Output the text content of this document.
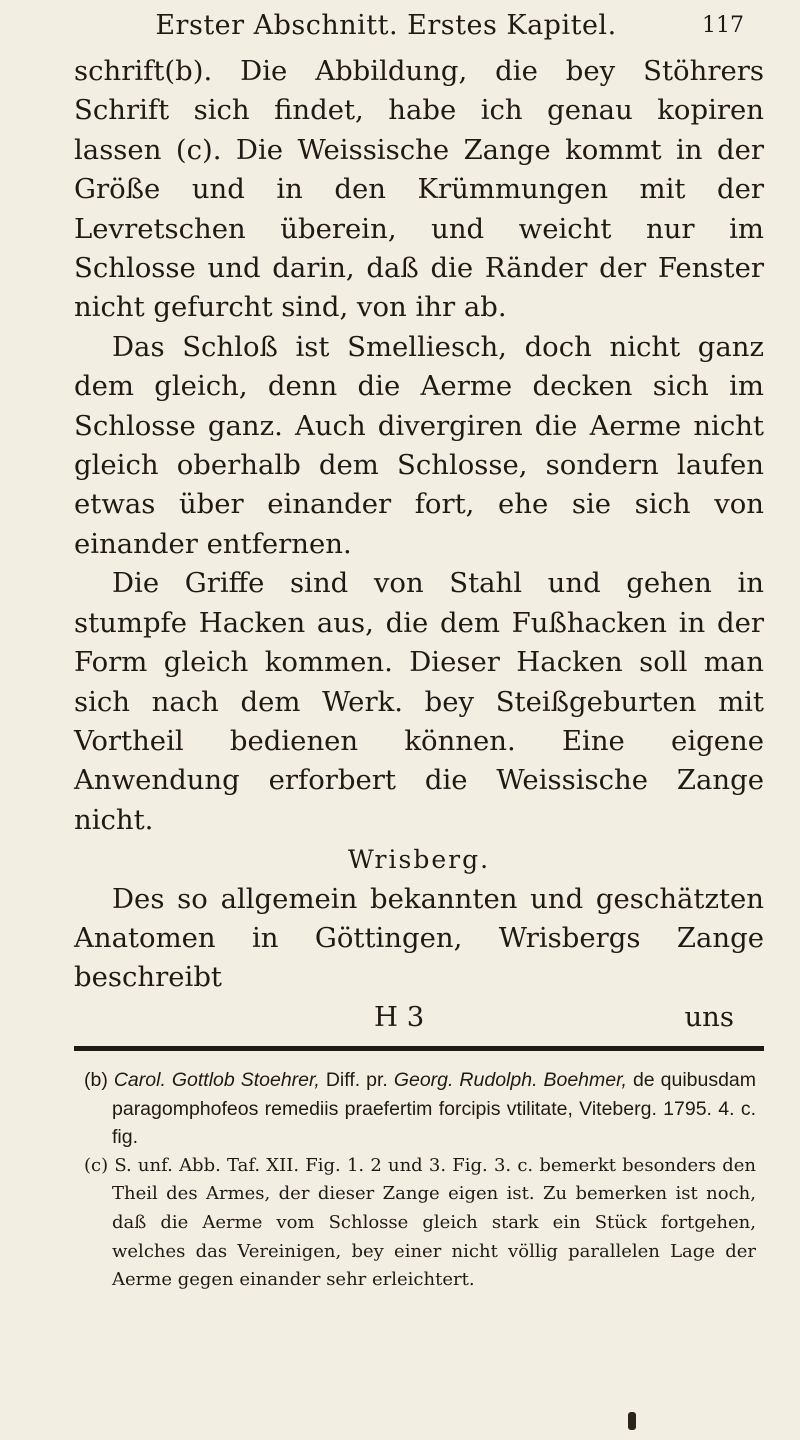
Erster Abschnitt. Erstes Kapitel.	117

schrift(b). Die Abbildung, die bey Stöhrers Schrift sich findet, habe ich genau kopiren lassen (c). Die Weissische Zange kommt in der Größe und in den Krümmungen mit der Levretschen überein, und weicht nur im Schlosse und darin, daß die Ränder der Fenster nicht gefurcht sind, von ihr ab.

Das Schloß ist Smelliesch, doch nicht ganz dem gleich, denn die Aerme decken sich im Schlosse ganz. Auch divergiren die Aerme nicht gleich oberhalb dem Schlosse, sondern laufen etwas über einander fort, ehe sie sich von einander entfernen.

Die Griffe sind von Stahl und gehen in stumpfe Hacken aus, die dem Fußhacken in der Form gleich kommen. Dieser Hacken soll man sich nach dem Werk. bey Steißgeburten mit Vortheil bedienen können. Eine eigene Anwendung erforbert die Weissische Zange nicht.

Wrisberg.

Des so allgemein bekannten und geschätzten Anatomen in Göttingen, Wrisbergs Zange beschreibt

H 3	uns

(b) Carol. Gottlob Stoehrer, Diff. pr. Georg. Rudolph. Boehmer, de quibusdam paragomphofeos remediis praefertim forcipis vtilitate, Viteberg. 1795. 4. c. fig.

(c) S. unf. Abb. Taf. XII. Fig. 1. 2 und 3. Fig. 3. c. bemerkt besonders den Theil des Armes, der dieser Zange eigen ist. Zu bemerken ist noch, daß die Aerme vom Schlosse gleich stark ein Stück fortgehen, welches das Vereinigen, bey einer nicht völlig parallelen Lage der Aerme gegen einander sehr erleichtert.
